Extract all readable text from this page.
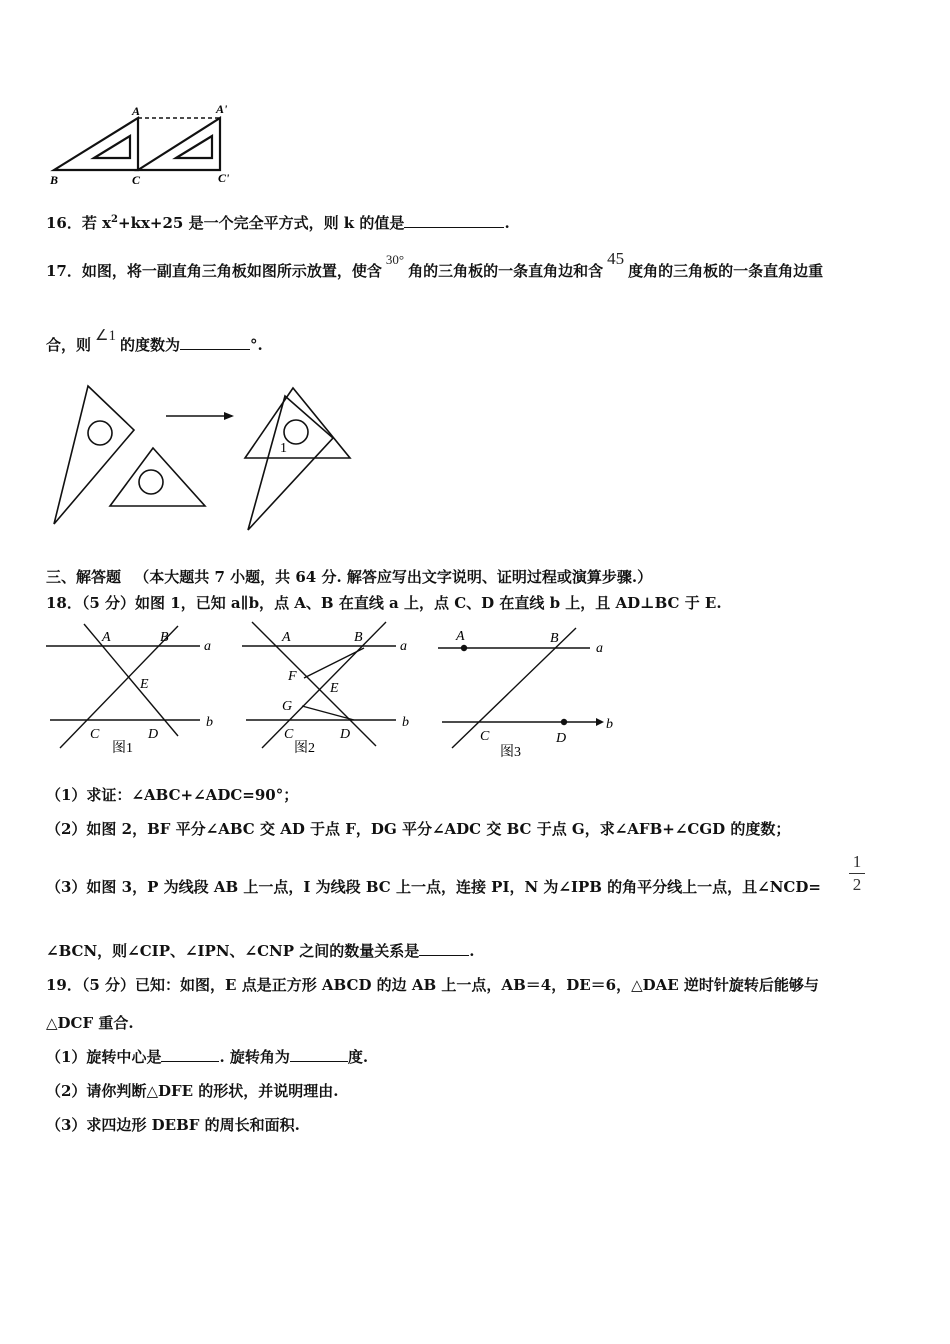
A	A'
B	C	C'
16．若 $x^2+kx+25$ 是一个完全平方式，则 k 的值是	.
17．如图，将一副直角三角板如图所示放置，使含30°角的三角板的一条直角边和含45度角的三角板的一条直角边重
合，则 ∠1 的度数为	°.
1
三、解答题 （本大题共 7 小题，共 64 分. 解答应写出文字说明、证明过程或演算步骤.）
18．（5 分）如图 1，已知 a∥b，点 A、B 在直线 a 上，点 C、D 在直线 b 上，且 AD⊥BC 于 E.
A	B
a
E
b
C	D
图1
A	B
a
F
E
G
b
C	D
图2
A	B
a
b
C	D
图3
（1）求证：∠ABC+∠ADC=90°；
（2）如图 2，BF 平分∠ABC 交 AD 于点 F，DG 平分∠ADC 交 BC 于点 G，求∠AFB+∠CGD 的度数；
（3）如图 3，P 为线段 AB 上一点，I 为线段 BC 上一点，连接 PI，N 为∠IPB 的角平分线上一点，且∠NCD=
1
2
∠BCN，则∠CIP、∠IPN、∠CNP 之间的数量关系是	.
19．（5 分）已知：如图，E 点是正方形 ABCD 的边 AB 上一点，AB＝4，DE＝6，△DAE 逆时针旋转后能够与
△DCF 重合.
（1）旋转中心是	. 旋转角为	度.
（2）请你判断△DFE 的形状，并说明理由.
（3）求四边形 DEBF 的周长和面积.
